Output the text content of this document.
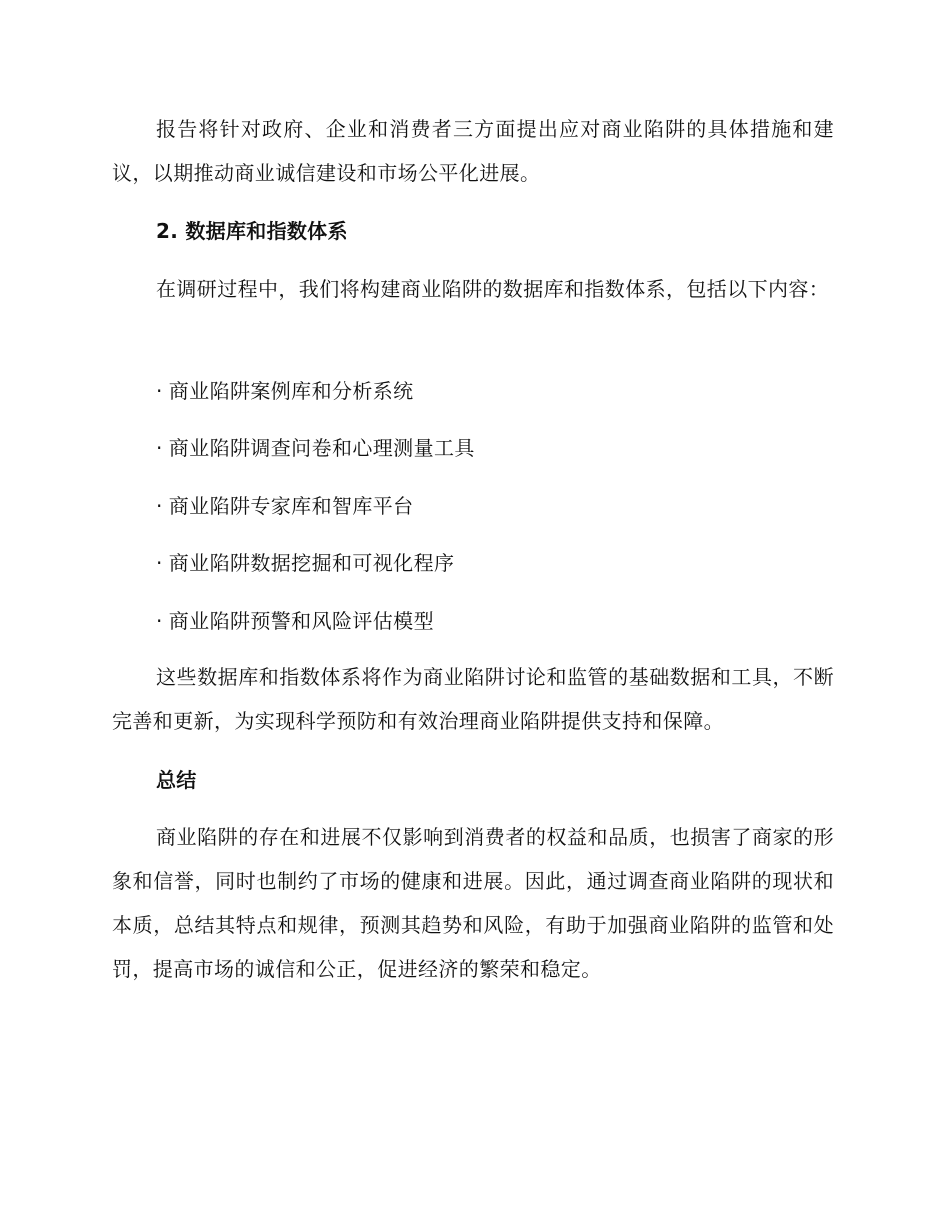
报告将针对政府、企业和消费者三方面提出应对商业陷阱的具体措施和建议，以期推动商业诚信建设和市场公平化进展。

2. 数据库和指数体系

在调研过程中，我们将构建商业陷阱的数据库和指数体系，包括以下内容：

· 商业陷阱案例库和分析系统

· 商业陷阱调查问卷和心理测量工具

· 商业陷阱专家库和智库平台

· 商业陷阱数据挖掘和可视化程序

· 商业陷阱预警和风险评估模型

这些数据库和指数体系将作为商业陷阱讨论和监管的基础数据和工具，不断完善和更新，为实现科学预防和有效治理商业陷阱提供支持和保障。

总结

商业陷阱的存在和进展不仅影响到消费者的权益和品质，也损害了商家的形象和信誉，同时也制约了市场的健康和进展。因此，通过调查商业陷阱的现状和本质，总结其特点和规律，预测其趋势和风险，有助于加强商业陷阱的监管和处罚，提高市场的诚信和公正，促进经济的繁荣和稳定。
